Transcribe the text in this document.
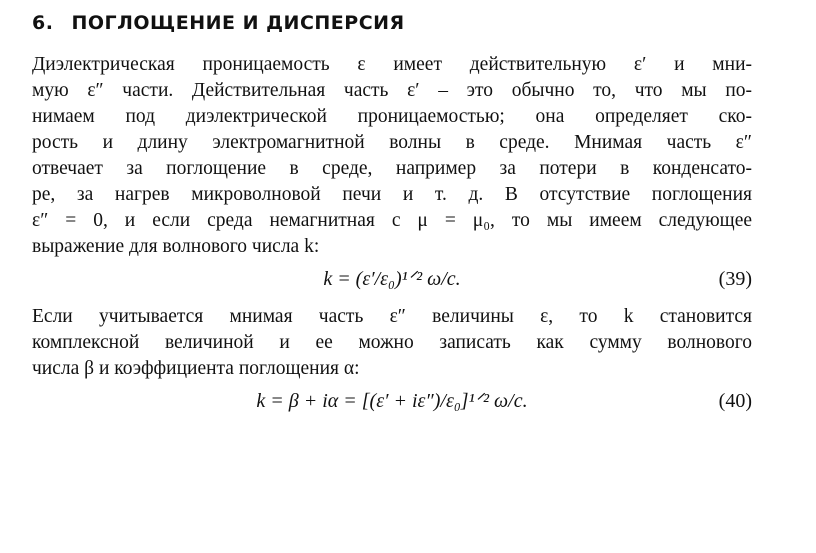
6. ПОГЛОЩЕНИЕ И ДИСПЕРСИЯ

Диэлектрическая проницаемость ε имеет действительную ε′ и мни-
мую ε″ части. Действительная часть ε′ – это обычно то, что мы по-
нимаем под диэлектрической проницаемостью; она определяет ско-
рость и длину электромагнитной волны в среде. Мнимая часть ε″
отвечает за поглощение в среде, например за потери в конденсато-
ре, за нагрев микроволновой печи и т. д. В отсутствие поглощения
ε″ = 0, и если среда немагнитная с μ = μ₀, то мы имеем следующее
выражение для волнового числа k:

k = (ε′/ε₀)¹ᐟ² ω/c.	(39)

Если учитывается мнимая часть ε″ величины ε, то k становится
комплексной величиной и ее можно записать как сумму волнового
числа β и коэффициента поглощения α:

k = β + iα = [(ε′ + iε″)/ε₀]¹ᐟ² ω/c.	(40)
